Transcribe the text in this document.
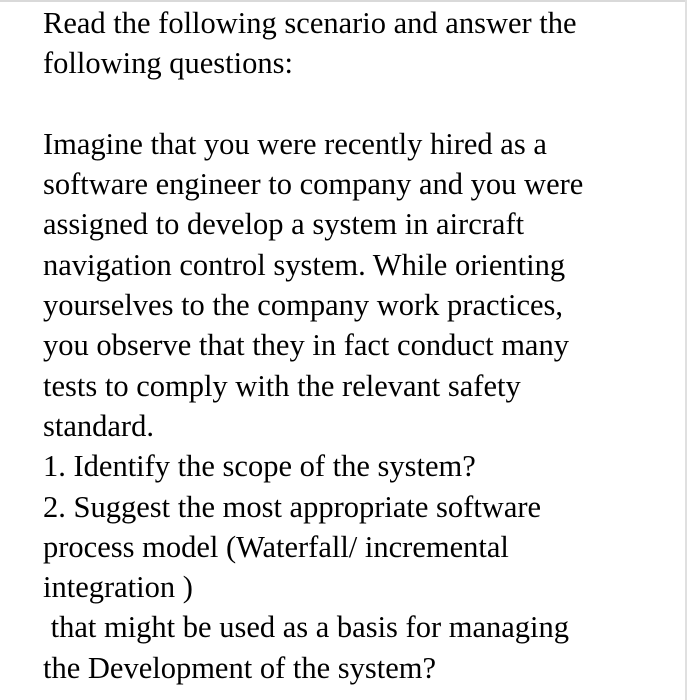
Read the following scenario and answer the
following questions:
Imagine that you were recently hired as a
software engineer to company and you were
assigned to develop a system in aircraft
navigation control system. While orienting
yourselves to the company work practices,
you observe that they in fact conduct many
tests to comply with the relevant safety
standard.
1. Identify the scope of the system?
2. Suggest the most appropriate software
process model (Waterfall/ incremental
integration )
that might be used as a basis for managing
the Development of the system?
